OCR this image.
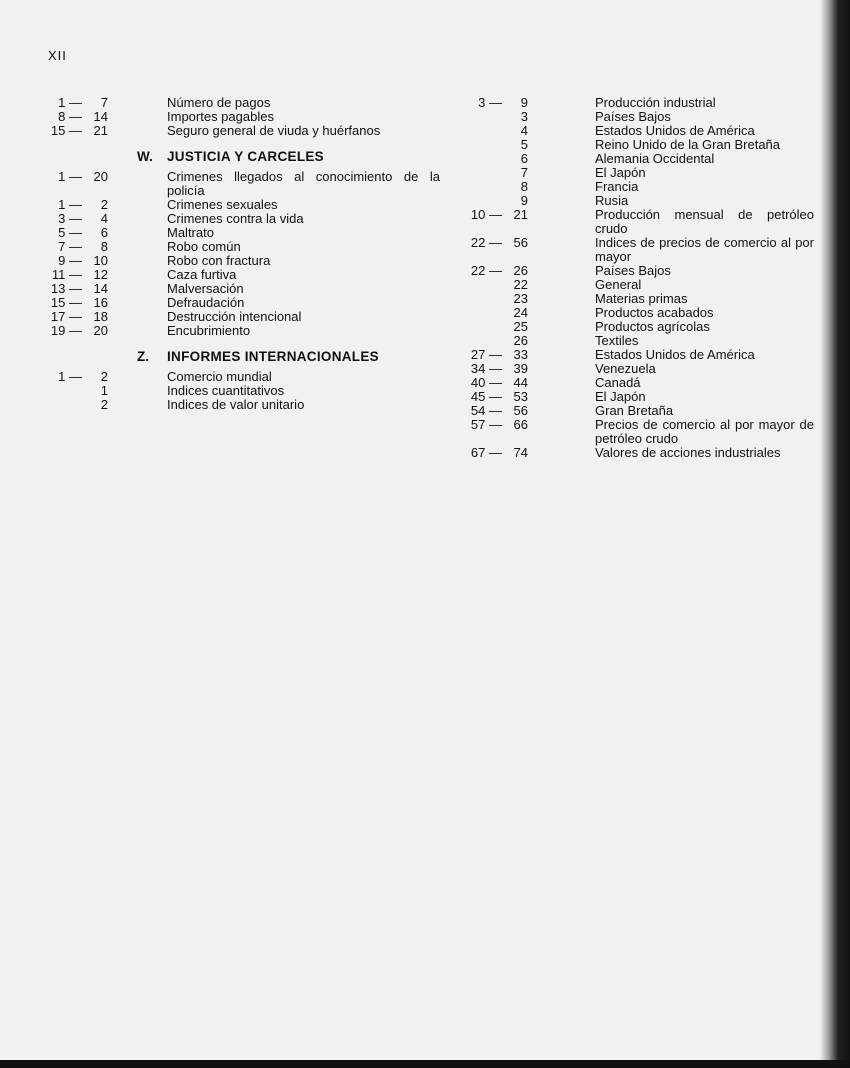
XII
1 —	7	Número de pagos
8 — 14	Importes pagables
15 — 21	Seguro general de viuda y huérfanos
W.	JUSTICIA Y CARCELES
1 — 20	Crimenes llegados al conocimiento de la policía
1 —	2	Crimenes sexuales
3 —	4	Crimenes contra la vida
5 —	6	Maltrato
7 —	8	Robo común
9 — 10	Robo con fractura
11 — 12	Caza furtiva
13 — 14	Malversación
15 — 16	Defraudación
17 — 18	Destrucción intencional
19 — 20	Encubrimiento
Z.	INFORMES INTERNACIONALES
1 —	2	Comercio mundial
1	Indices cuantitativos
2	Indices de valor unitario
3 —	9	Producción industrial
3	Países Bajos
4	Estados Unidos de América
5	Reino Unido de la Gran Bretaña
6	Alemania Occidental
7	El Japón
8	Francia
9	Rusia
10 — 21	Producción mensual de petróleo crudo
22 — 56	Indices de precios de comercio al por mayor
22 — 26	Países Bajos
22	General
23	Materias primas
24	Productos acabados
25	Productos agrícolas
26	Textiles
27 — 33	Estados Unidos de América
34 — 39	Venezuela
40 — 44	Canadá
45 — 53	El Japón
54 — 56	Gran Bretaña
57 — 66	Precios de comercio al por mayor de petróleo crudo
67 — 74	Valores de acciones industriales
